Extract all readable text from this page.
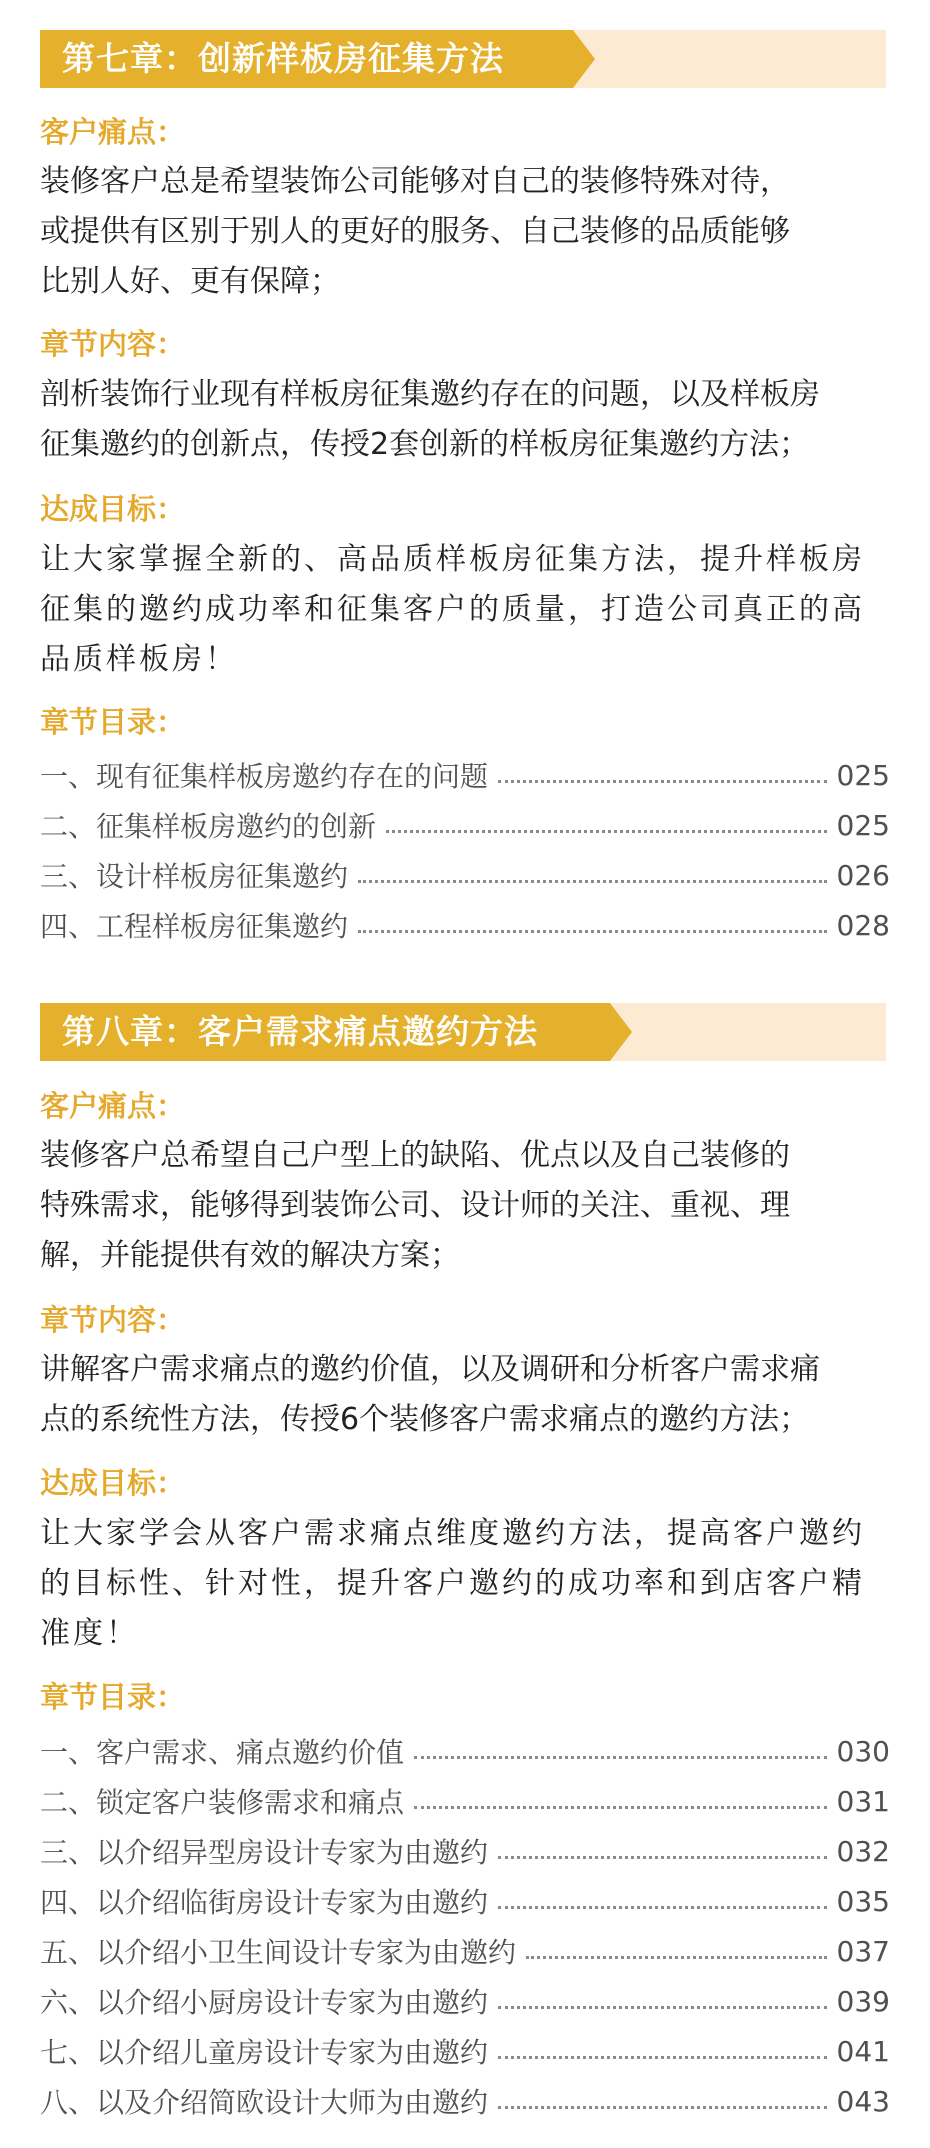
第七章：创新样板房征集方法
客户痛点：
装修客户总是希望装饰公司能够对自己的装修特殊对待，
或提供有区别于别人的更好的服务、自己装修的品质能够
比别人好、更有保障；
章节内容：
剖析装饰行业现有样板房征集邀约存在的问题，以及样板房
征集邀约的创新点，传授2套创新的样板房征集邀约方法；
达成目标：
让大家掌握全新的、高品质样板房征集方法，提升样板房
征集的邀约成功率和征集客户的质量，打造公司真正的高
品质样板房！
章节目录：
一、现有征集样板房邀约存在的问题	025
二、征集样板房邀约的创新	025
三、设计样板房征集邀约	026
四、工程样板房征集邀约	028
第八章：客户需求痛点邀约方法
客户痛点：
装修客户总希望自己户型上的缺陷、优点以及自己装修的
特殊需求，能够得到装饰公司、设计师的关注、重视、理
解，并能提供有效的解决方案；
章节内容：
讲解客户需求痛点的邀约价值，以及调研和分析客户需求痛
点的系统性方法，传授6个装修客户需求痛点的邀约方法；
达成目标：
让大家学会从客户需求痛点维度邀约方法，提高客户邀约
的目标性、针对性，提升客户邀约的成功率和到店客户精
准度！
章节目录：
一、客户需求、痛点邀约价值	030
二、锁定客户装修需求和痛点	031
三、以介绍异型房设计专家为由邀约	032
四、以介绍临街房设计专家为由邀约	035
五、以介绍小卫生间设计专家为由邀约	037
六、以介绍小厨房设计专家为由邀约	039
七、以介绍儿童房设计专家为由邀约	041
八、以及介绍简欧设计大师为由邀约	043
